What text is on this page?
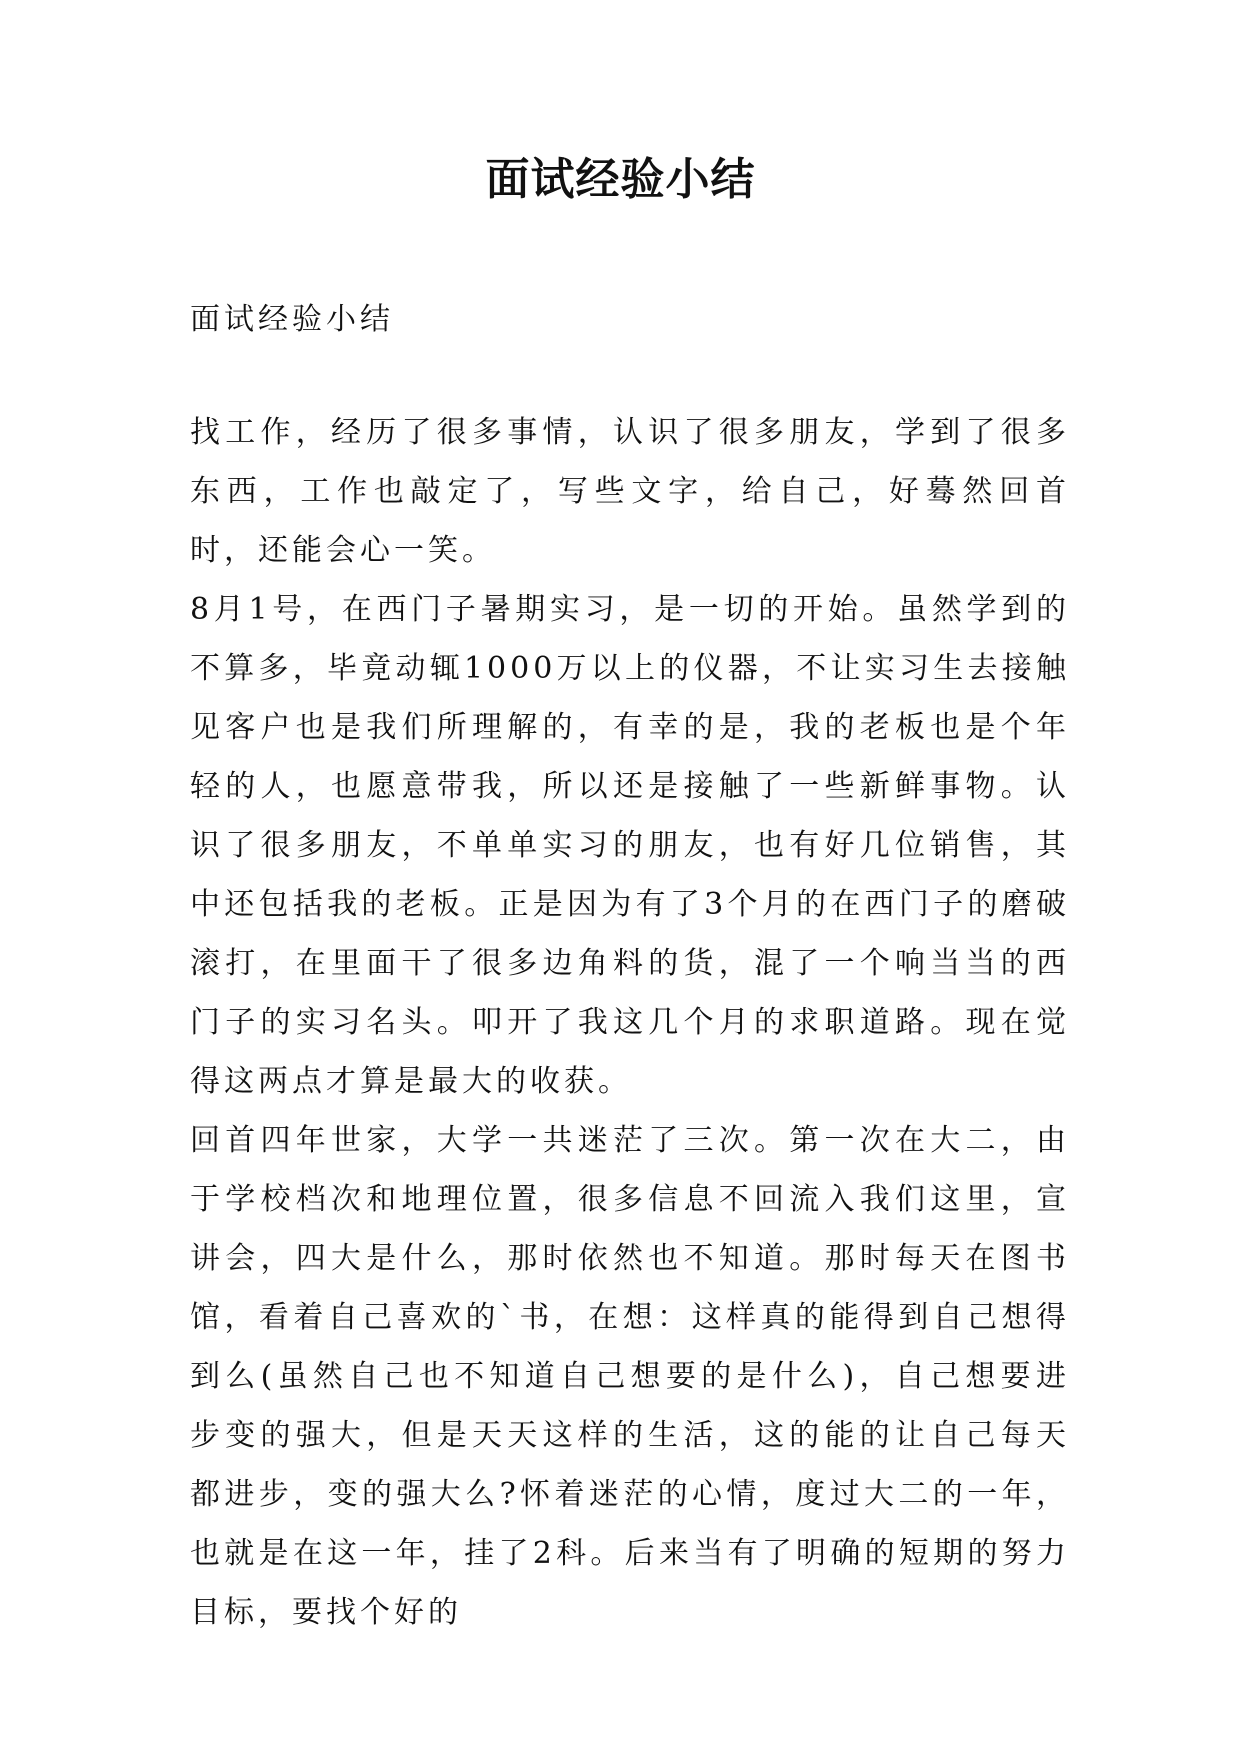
面试经验小结

面试经验小结

找工作，经历了很多事情，认识了很多朋友，学到了很多东西，工作也敲定了，写些文字，给自己，好蓦然回首时，还能会心一笑。

8月1号，在西门子暑期实习，是一切的开始。虽然学到的不算多，毕竟动辄1000万以上的仪器，不让实习生去接触见客户也是我们所理解的，有幸的是，我的老板也是个年轻的人，也愿意带我，所以还是接触了一些新鲜事物。认识了很多朋友，不单单实习的朋友，也有好几位销售，其中还包括我的老板。正是因为有了3个月的在西门子的磨破滚打，在里面干了很多边角料的货，混了一个响当当的西门子的实习名头。叩开了我这几个月的求职道路。现在觉得这两点才算是最大的收获。

回首四年世家，大学一共迷茫了三次。第一次在大二，由于学校档次和地理位置，很多信息不回流入我们这里，宣讲会，四大是什么，那时依然也不知道。那时每天在图书馆，看着自己喜欢的`书，在想：这样真的能得到自己想得到么(虽然自己也不知道自己想要的是什么)，自己想要进步变的强大，但是天天这样的生活，这的能的让自己每天都进步，变的强大么?怀着迷茫的心情，度过大二的一年，也就是在这一年，挂了2科。后来当有了明确的短期的努力目标，要找个好的
